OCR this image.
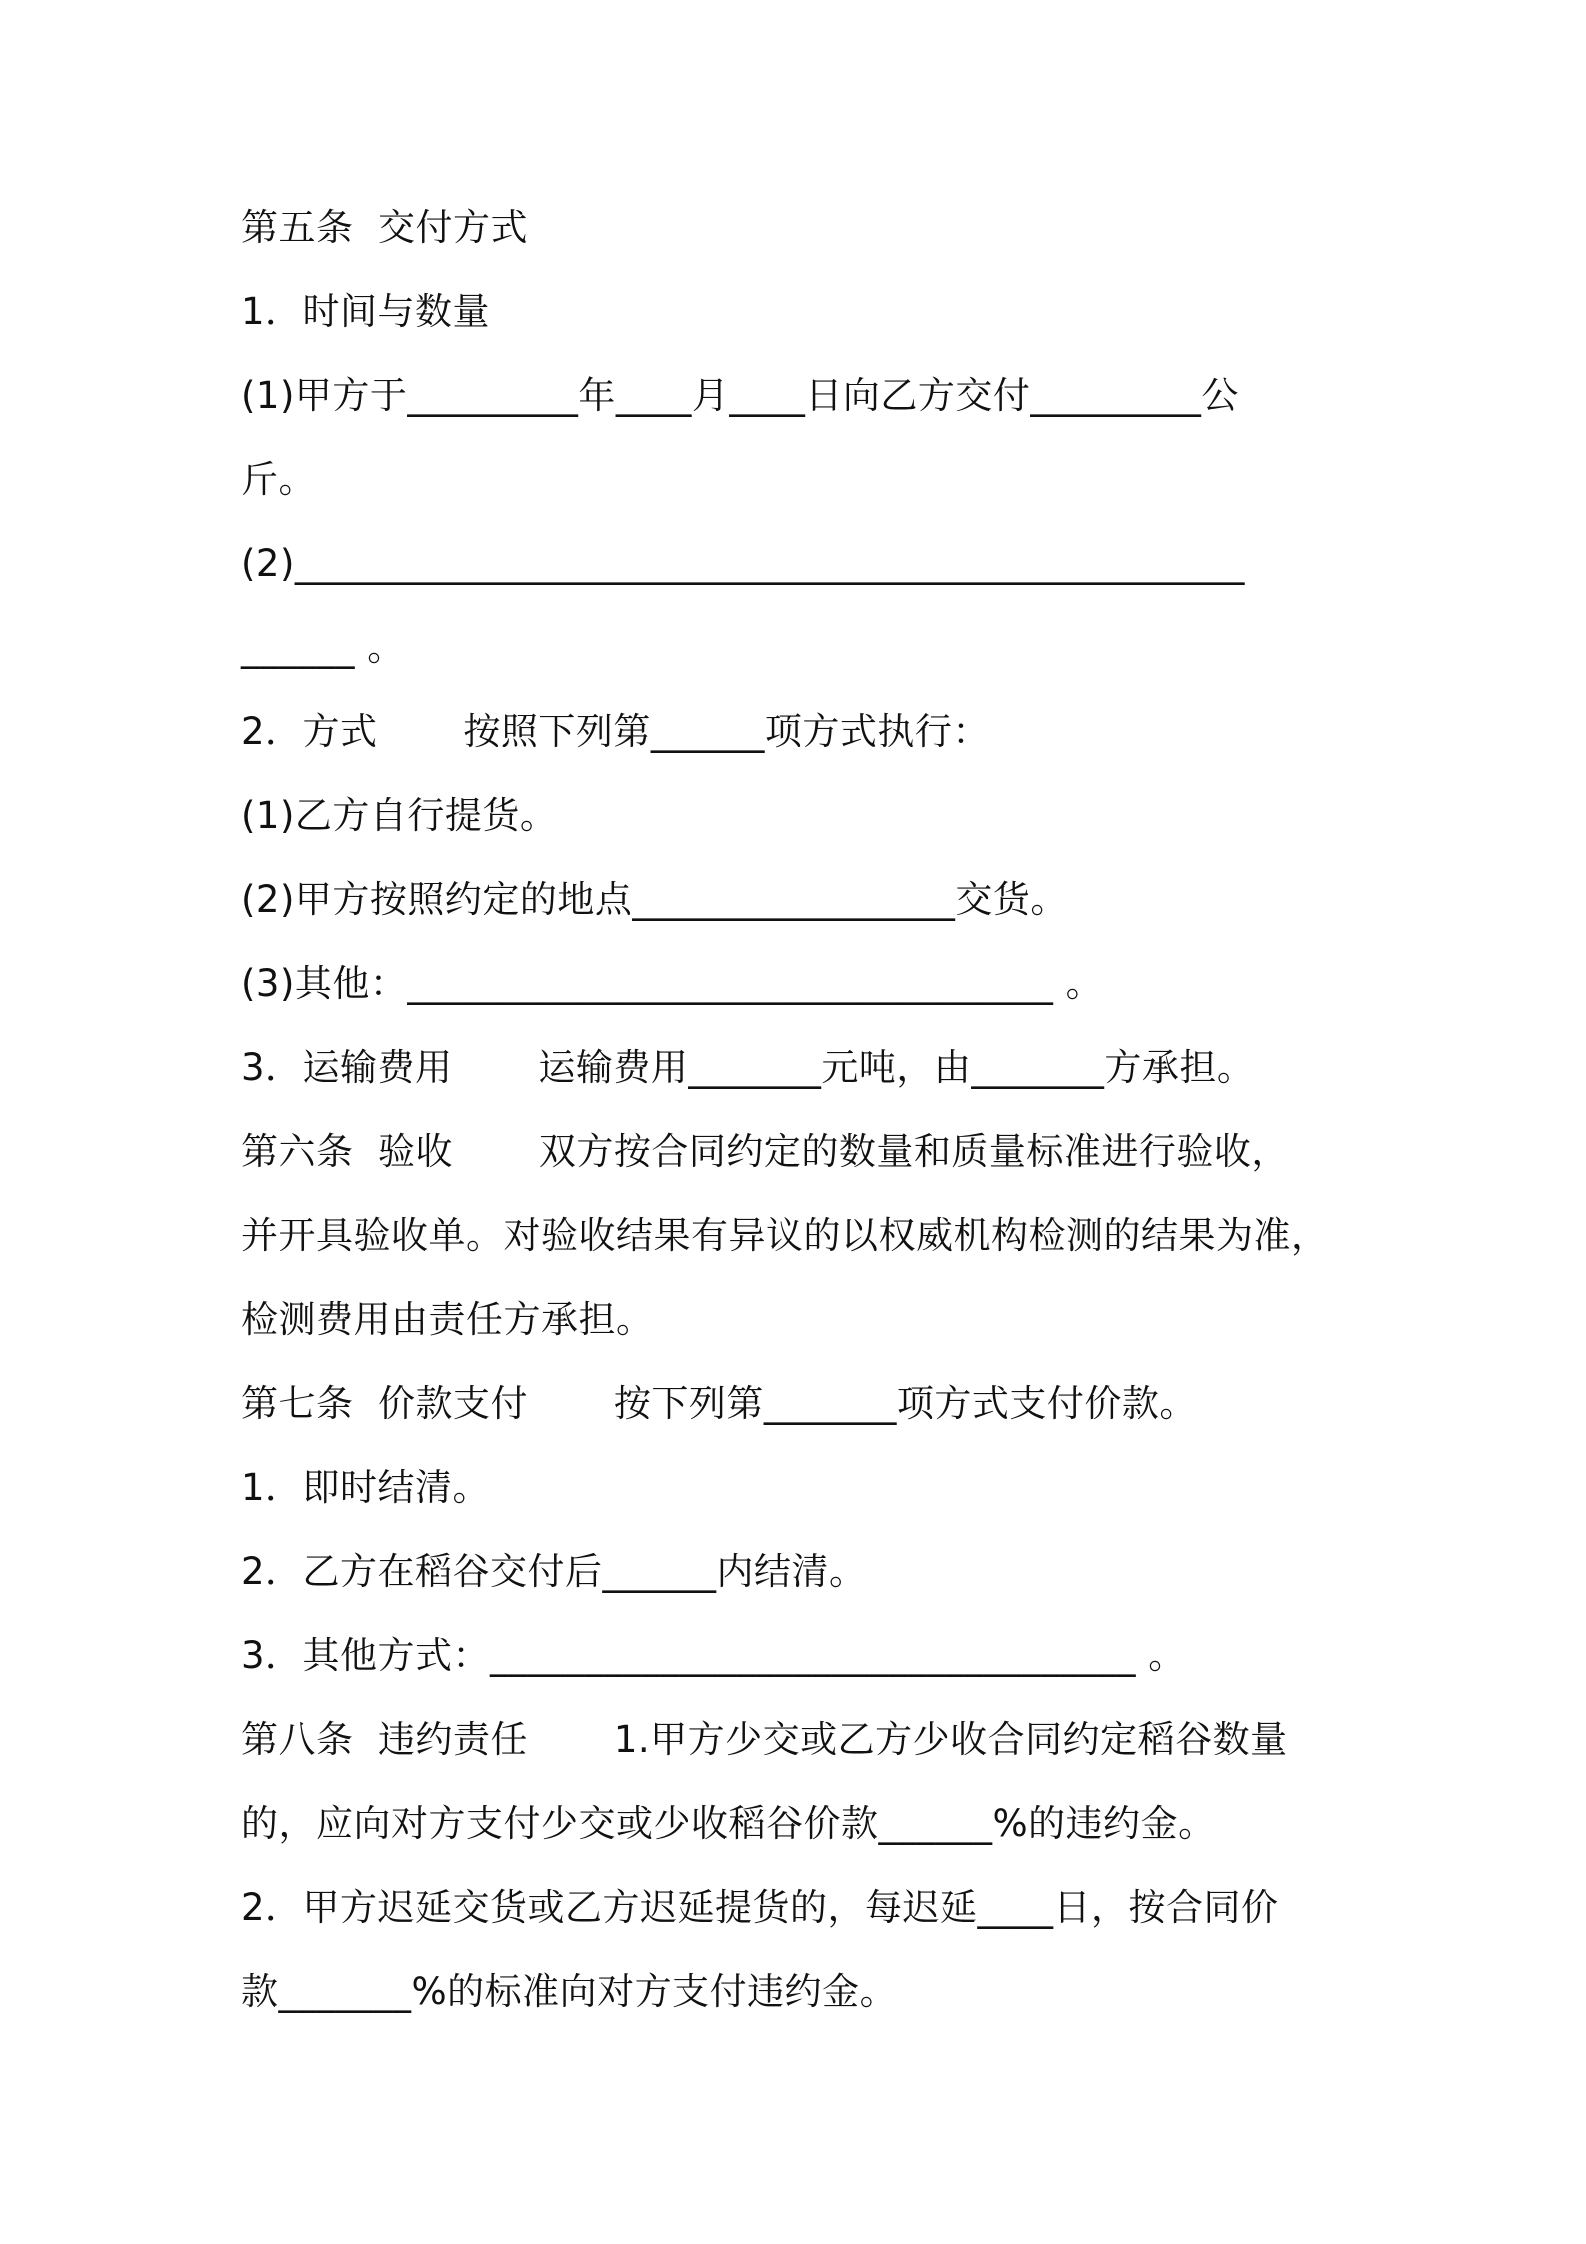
第五条  交付方式
1．时间与数量
(1)甲方于_________年____月____日向乙方交付_________公
斤。
(2)__________________________________________________
______ 。
2．方式       按照下列第______项方式执行：
(1)乙方自行提货。
(2)甲方按照约定的地点_________________交货。
(3)其他：__________________________________ 。
3．运输费用       运输费用_______元吨，由_______方承担。
第六条  验收       双方按合同约定的数量和质量标准进行验收，
并开具验收单。对验收结果有异议的以权威机构检测的结果为准，
检测费用由责任方承担。
第七条  价款支付       按下列第_______项方式支付价款。
1．即时结清。
2．乙方在稻谷交付后______内结清。
3．其他方式：__________________________________ 。
第八条  违约责任       1.甲方少交或乙方少收合同约定稻谷数量
的，应向对方支付少交或少收稻谷价款______%的违约金。
2．甲方迟延交货或乙方迟延提货的，每迟延____日，按合同价
款_______%的标准向对方支付违约金。
